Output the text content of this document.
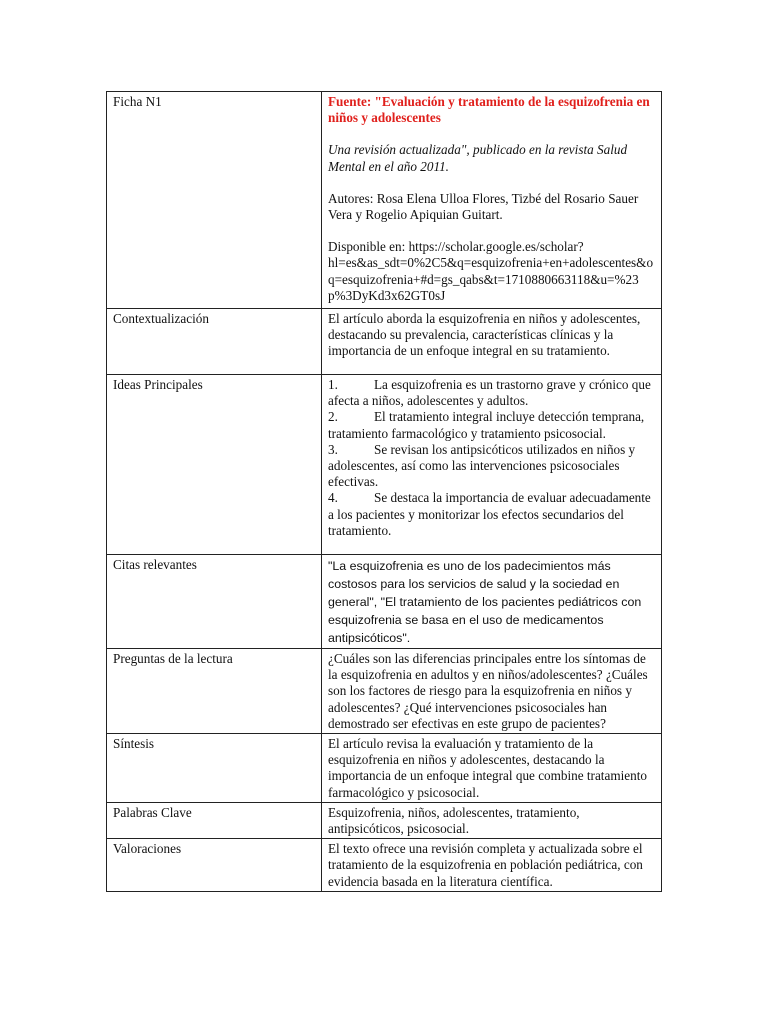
Ficha N1	Fuente: "Evaluación y tratamiento de la esquizofrenia en niños y adolescentes
Una revisión actualizada", publicado en la revista Salud Mental en el año 2011.
Autores: Rosa Elena Ulloa Flores, Tizbé del Rosario Sauer Vera y Rogelio Apiquian Guitart.
Disponible en: https://scholar.google.es/scholar?
hl=es&as_sdt=0%2C5&q=esquizofrenia+en+adolescentes&oq=esquizofrenia+#d=gs_qabs&t=1710880663118&u=%23p%3DyKd3x62GT0sJ

Contextualización	El artículo aborda la esquizofrenia en niños y adolescentes, destacando su prevalencia, características clínicas y la importancia de un enfoque integral en su tratamiento.
Ideas Principales	1. La esquizofrenia es un trastorno grave y crónico que afecta a niños, adolescentes y adultos.
2. El tratamiento integral incluye detección temprana, tratamiento farmacológico y tratamiento psicosocial.
3. Se revisan los antipsicóticos utilizados en niños y adolescentes, así como las intervenciones psicosociales efectivas.
4. Se destaca la importancia de evaluar adecuadamente a los pacientes y monitorizar los efectos secundarios del tratamiento.

Citas relevantes	"La esquizofrenia es uno de los padecimientos más costosos para los servicios de salud y la sociedad en general", "El tratamiento de los pacientes pediátricos con esquizofrenia se basa en el uso de medicamentos antipsicóticos".
Preguntas de la lectura	¿Cuáles son las diferencias principales entre los síntomas de la esquizofrenia en adultos y en niños/adolescentes? ¿Cuáles son los factores de riesgo para la esquizofrenia en niños y adolescentes? ¿Qué intervenciones psicosociales han demostrado ser efectivas en este grupo de pacientes?
Síntesis	El artículo revisa la evaluación y tratamiento de la esquizofrenia en niños y adolescentes, destacando la importancia de un enfoque integral que combine tratamiento farmacológico y psicosocial.
Palabras Clave	Esquizofrenia, niños, adolescentes, tratamiento, antipsicóticos, psicosocial.
Valoraciones	El texto ofrece una revisión completa y actualizada sobre el tratamiento de la esquizofrenia en población pediátrica, con evidencia basada en la literatura científica.
